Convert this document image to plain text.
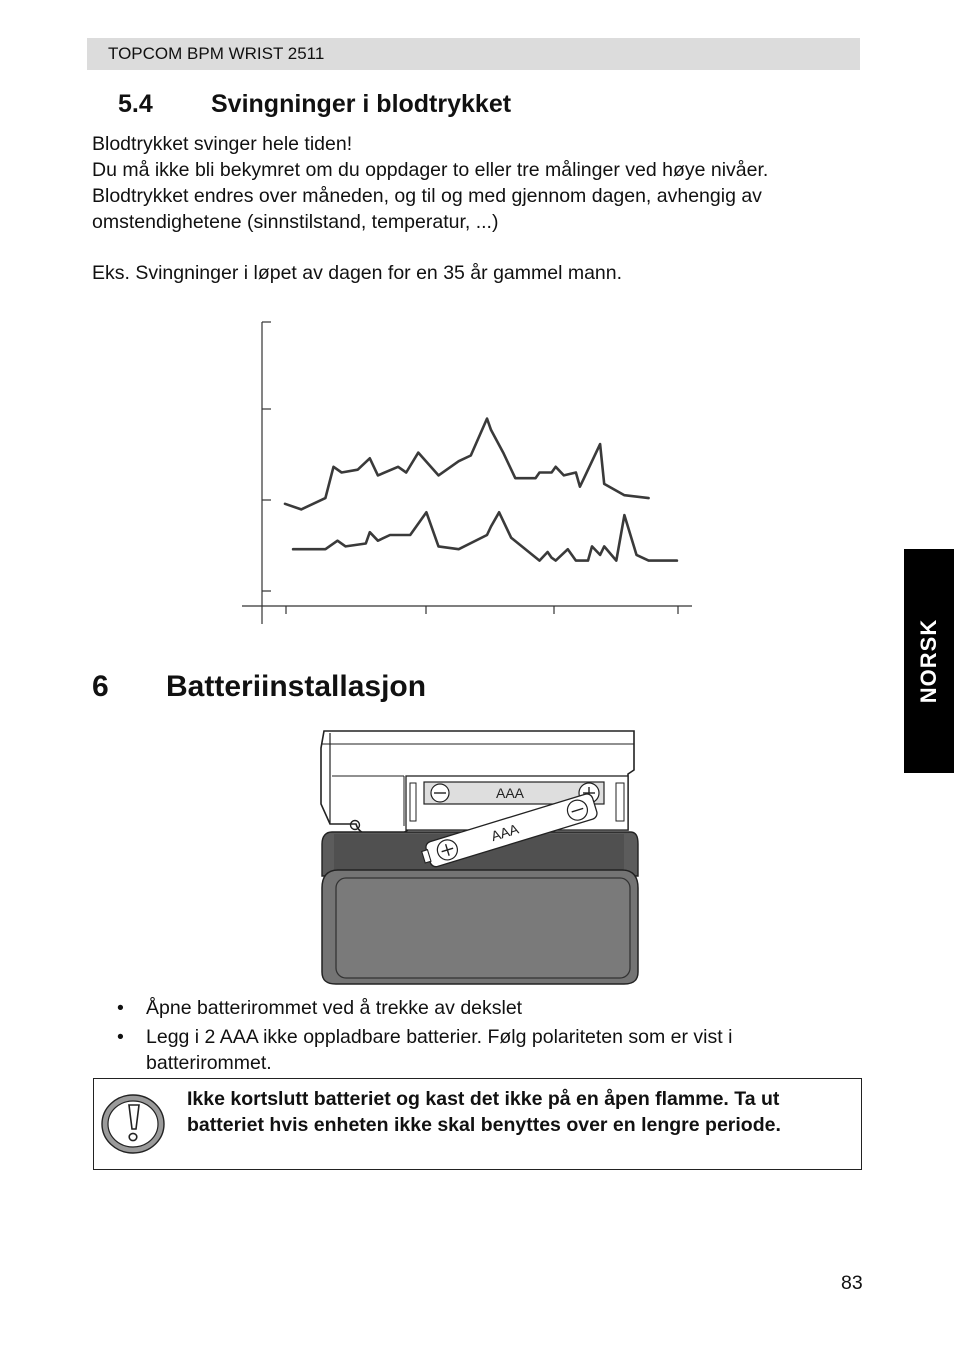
TOPCOM BPM WRIST 2511
5.4 Svingninger i blodtrykket
Blodtrykket svinger hele tiden!
Du må ikke bli bekymret om du oppdager to eller tre målinger ved høye nivåer.
Blodtrykket endres over måneden, og til og med gjennom dagen, avhengig av
omstendighetene (sinnstilstand, temperatur, ...)
Eks. Svingninger i løpet av dagen for en 35 år gammel mann.
6 Batteriinstallasjon
AAA
AAA
• Åpne batterirommet ved å trekke av dekslet
• Legg i 2 AAA ikke oppladbare batterier. Følg polariteten som er vist i batterirommet.
Ikke kortslutt batteriet og kast det ikke på en åpen flamme. Ta ut batteriet hvis enheten ikke skal benyttes over en lengre periode.
NORSK
83
